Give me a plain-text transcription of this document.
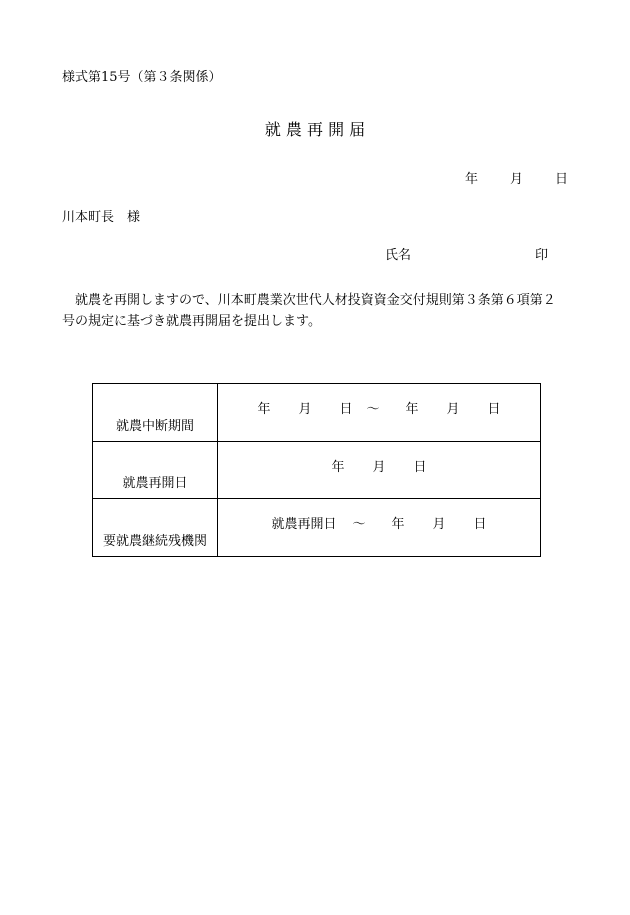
様式第15号（第３条関係）
就 農 再 開 届
年 月 日
川本町長　様
氏名	印
就農を再開しますので、川本町農業次世代人材投資資金交付規則第３条第６項第２号の規定に基づき就農再開届を提出します。
就農中断期間	年 月 日 ～ 年 月 日
就農再開日	年 月 日
要就農継続残機関	就農再開日 ～ 年 月 日
